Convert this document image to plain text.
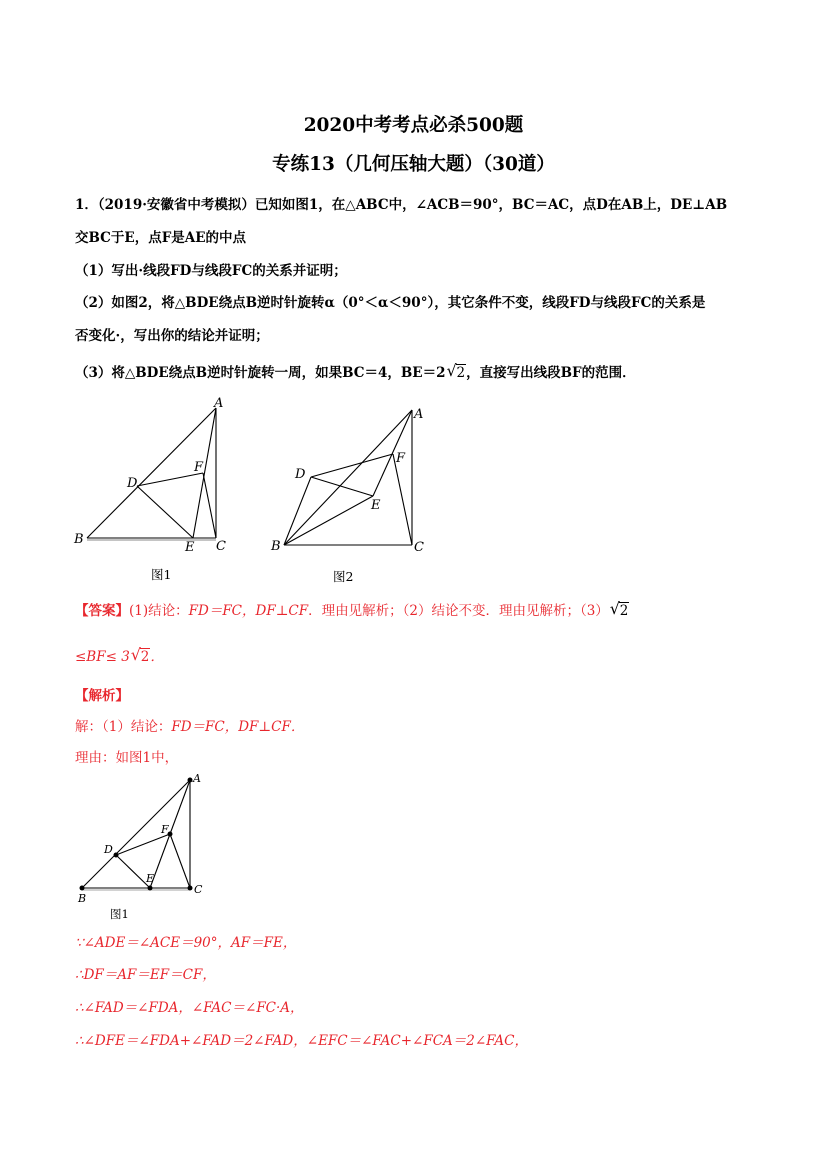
2020中考考点必杀500题
专练13（几何压轴大题）（30道）
1．（2019·安徽省中考模拟）已知如图1，在△ABC中，∠ACB＝90°，BC＝AC，点D在AB上，DE⊥AB
交BC于E，点F是AE的中点
（1）写出·线段FD与线段FC的关系并证明；
（2）如图2，将△BDE绕点B逆时针旋转α（0°＜α＜90°），其它条件不变，线段FD与线段FC的关系是
否变化·，写出你的结论并证明；
（3）将△BDE绕点B逆时针旋转一周，如果BC＝4，BE＝2 √ 2，直接写出线段BF的范围．
A
B	C
D
E
F
图1
A
B	C
D
E
F
图2
【答案】(1)结论：FD＝FC，DF⊥CF．理由见解析；（2）结论不变．理由见解析；（3） √ 2
≤BF≤ 3 √ 2．
【解析】
解：（1）结论：FD＝FC，DF⊥CF．
理由：如图1中，
A
B
C
D
E
F
图1
∵∠ADE＝∠ACE＝90°，AF＝FE，
∴DF＝AF＝EF＝CF，
∴∠FAD＝∠FDA，∠FAC＝∠FC·A，
∴∠DFE＝∠FDA+∠FAD＝2∠FAD，∠EFC＝∠FAC+∠FCA＝2∠FAC，
